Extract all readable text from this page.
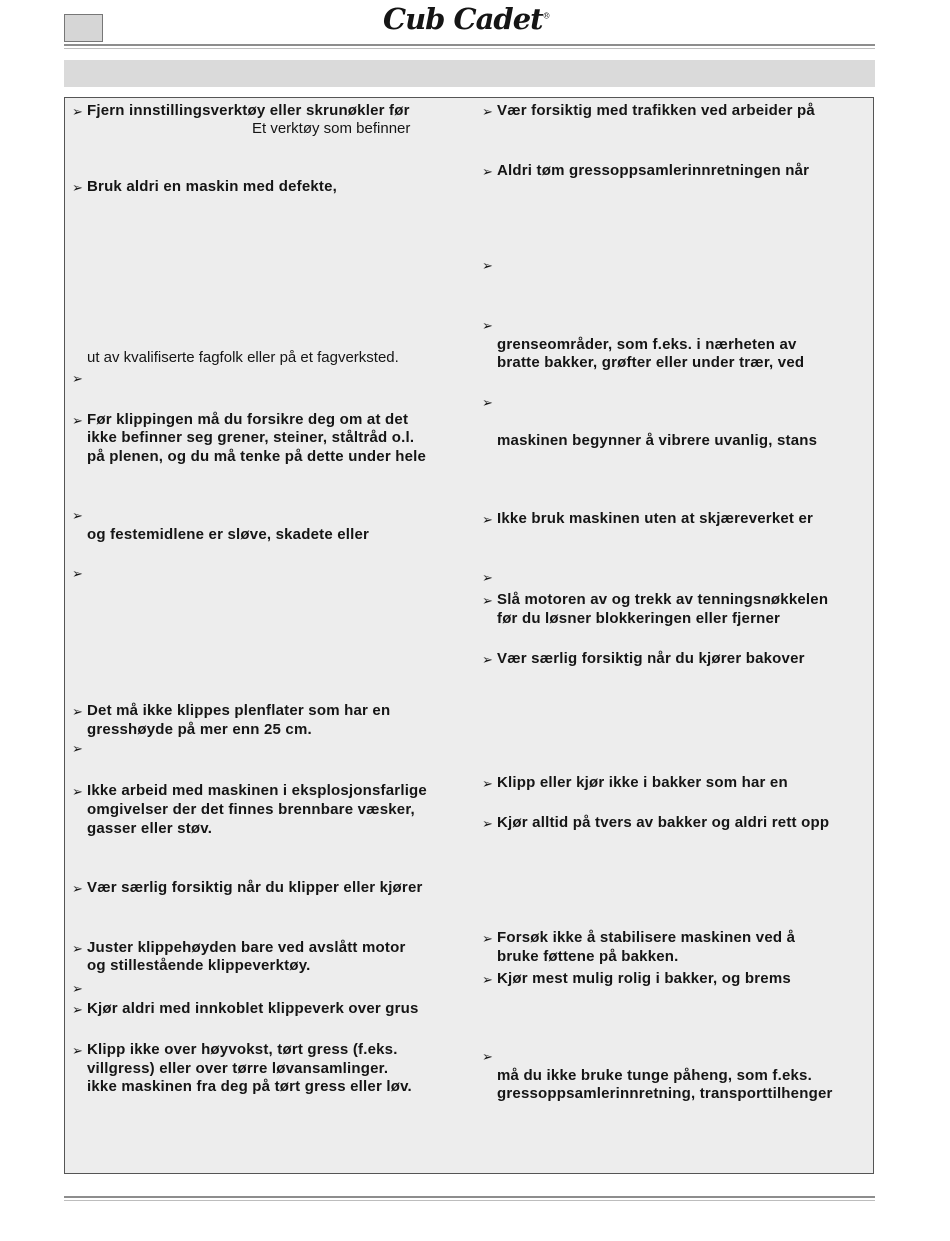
Cub Cadet®
➢ Fjern innstillingsverktøy eller skrunøkler før
Et verktøy som befinner
➢ Bruk aldri en maskin med defekte,
ut av kvalifiserte fagfolk eller på et fagverksted.
➢
➢ Før klippingen må du forsikre deg om at det
ikke befinner seg grener, steiner, ståltråd o.l.
på plenen, og du må tenke på dette under hele
➢
og festemidlene er sløve, skadete eller
➢
➢ Det må ikke klippes plenflater som har en
gresshøyde på mer enn 25 cm.
➢
➢ Ikke arbeid med maskinen i eksplosjonsfarlige
omgivelser der det finnes brennbare væsker,
gasser eller støv.
➢ Vær særlig forsiktig når du klipper eller kjører
➢ Juster klippehøyden bare ved avslått motor
og stillestående klippeverktøy.
➢
➢ Kjør aldri med innkoblet klippeverk over grus
➢ Klipp ikke over høyvokst, tørt gress (f.eks.
villgress) eller over tørre løvansamlinger.
ikke maskinen fra deg på tørt gress eller løv.
➢ Vær forsiktig med trafikken ved arbeider på
➢ Aldri tøm gressoppsamlerinnretningen når
➢
➢
grenseområder, som f.eks. i nærheten av
bratte bakker, grøfter eller under trær, ved
➢
maskinen begynner å vibrere uvanlig, stans
➢ Ikke bruk maskinen uten at skjæreverket er
➢
➢ Slå motoren av og trekk av tenningsnøkkelen
før du løsner blokkeringen eller fjerner
➢ Vær særlig forsiktig når du kjører bakover
➢ Klipp eller kjør ikke i bakker som har en
➢ Kjør alltid på tvers av bakker og aldri rett opp
➢ Forsøk ikke å stabilisere maskinen ved å
bruke føttene på bakken.
➢ Kjør mest mulig rolig i bakker, og brems
➢
må du ikke bruke tunge påheng, som f.eks.
gressoppsamlerinnretning, transporttilhenger
